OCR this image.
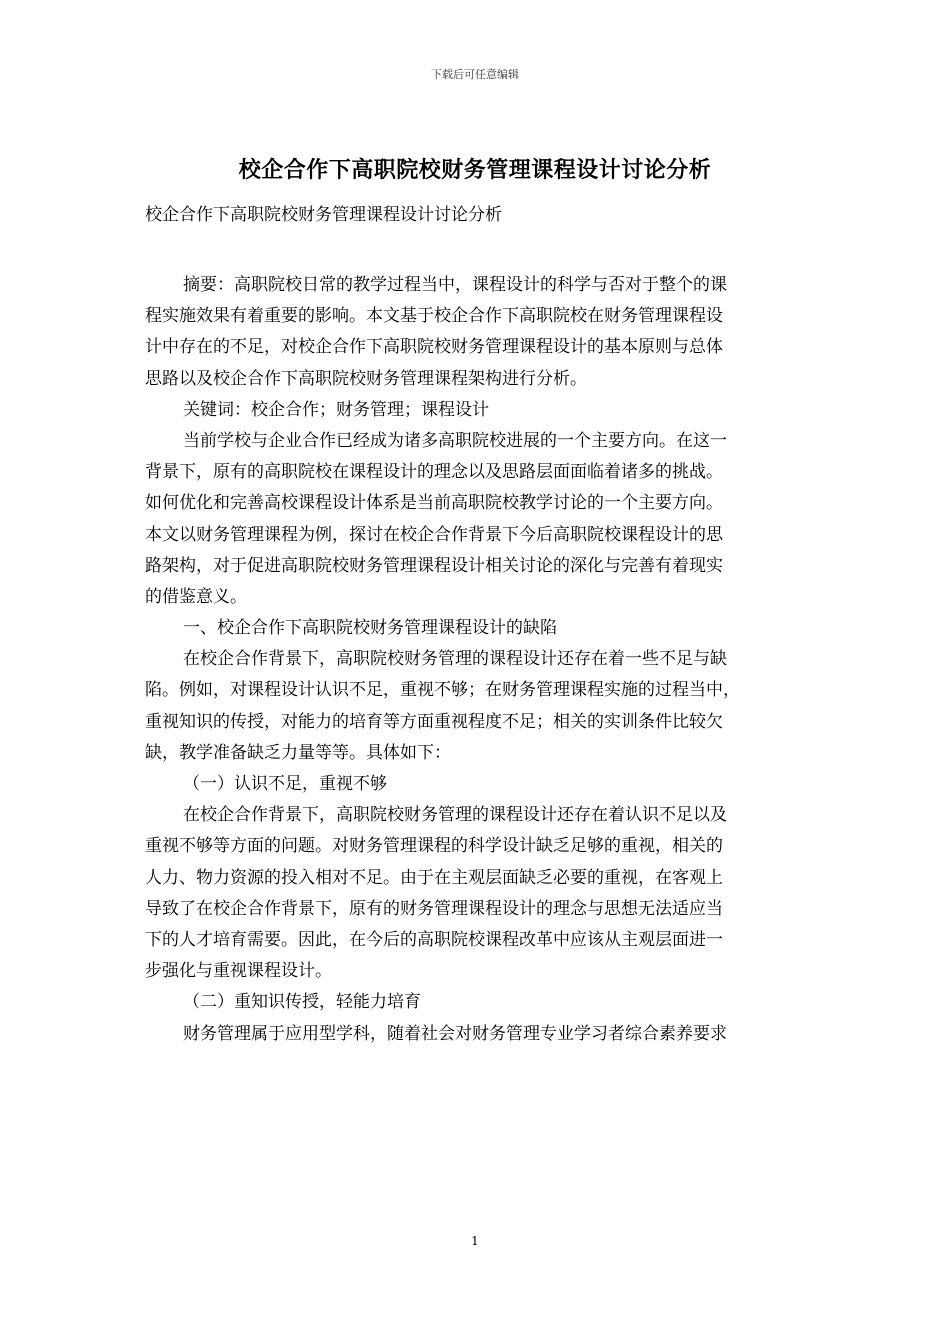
下载后可任意编辑
校企合作下高职院校财务管理课程设计讨论分析
校企合作下高职院校财务管理课程设计讨论分析
摘要：高职院校日常的教学过程当中，课程设计的科学与否对于整个的课
程实施效果有着重要的影响。本文基于校企合作下高职院校在财务管理课程设
计中存在的不足，对校企合作下高职院校财务管理课程设计的基本原则与总体
思路以及校企合作下高职院校财务管理课程架构进行分析。
关键词：校企合作；财务管理；课程设计
当前学校与企业合作已经成为诸多高职院校进展的一个主要方向。在这一
背景下，原有的高职院校在课程设计的理念以及思路层面面临着诸多的挑战。
如何优化和完善高校课程设计体系是当前高职院校教学讨论的一个主要方向。
本文以财务管理课程为例，探讨在校企合作背景下今后高职院校课程设计的思
路架构，对于促进高职院校财务管理课程设计相关讨论的深化与完善有着现实
的借鉴意义。
一、校企合作下高职院校财务管理课程设计的缺陷
在校企合作背景下，高职院校财务管理的课程设计还存在着一些不足与缺
陷。例如，对课程设计认识不足，重视不够；在财务管理课程实施的过程当中，
重视知识的传授，对能力的培育等方面重视程度不足；相关的实训条件比较欠
缺，教学准备缺乏力量等等。具体如下：
（一）认识不足，重视不够
在校企合作背景下，高职院校财务管理的课程设计还存在着认识不足以及
重视不够等方面的问题。对财务管理课程的科学设计缺乏足够的重视，相关的
人力、物力资源的投入相对不足。由于在主观层面缺乏必要的重视，在客观上
导致了在校企合作背景下，原有的财务管理课程设计的理念与思想无法适应当
下的人才培育需要。因此，在今后的高职院校课程改革中应该从主观层面进一
步强化与重视课程设计。
（二）重知识传授，轻能力培育
财务管理属于应用型学科，随着社会对财务管理专业学习者综合素养要求
1
